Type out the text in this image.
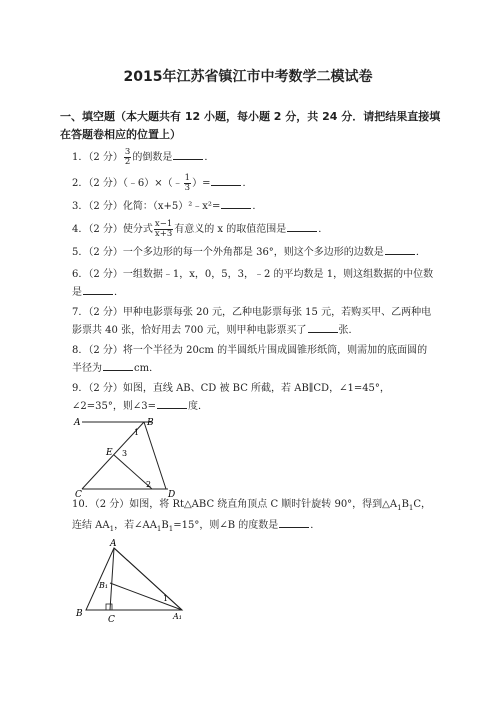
2015年江苏省镇江市中考数学二模试卷
一、填空题（本大题共有 12 小题，每小题 2 分，共 24 分．请把结果直接填在答题卷相应的位置上）
1．（2 分） $\frac{3}{2}$ 的倒数是	．
2．（2 分）（﹣6）×（﹣ $\frac{1}{3}$ ）=	．
3．（2 分）化简：（x+5）²﹣x²=	．
4．（2 分）使分式 $\frac{x-1}{x+3}$ 有意义的 x 的取值范围是	．
5．（2 分）一个多边形的每一个外角都是 36°，则这个多边形的边数是	．
6．（2 分）一组数据﹣1，x，0，5，3，﹣2 的平均数是 1，则这组数据的中位数是	．
7．（2 分）甲种电影票每张 20 元，乙种电影票每张 15 元，若购买甲、乙两种电影票共 40 张，恰好用去 700 元，则甲种电影票买了	张．
8．（2 分）将一个半径为 20cm 的半圆纸片围成圆锥形纸筒，则需加的底面圆的半径为	cm．
9．（2 分）如图，直线 AB、CD 被 BC 所截，若 AB∥CD，∠1=45°，∠2=35°，则∠3=	度．
A	B
C	D
E
1
2
3
10．（2 分）如图，将 Rt△ABC 绕直角顶点 C 顺时针旋转 90°，得到$\triangle A_1B_1C$，连结 $AA_1$，若$\angle AA_1B_1=15^\circ$，则∠B 的度数是	．
A
B
C
B₁
A₁
1
